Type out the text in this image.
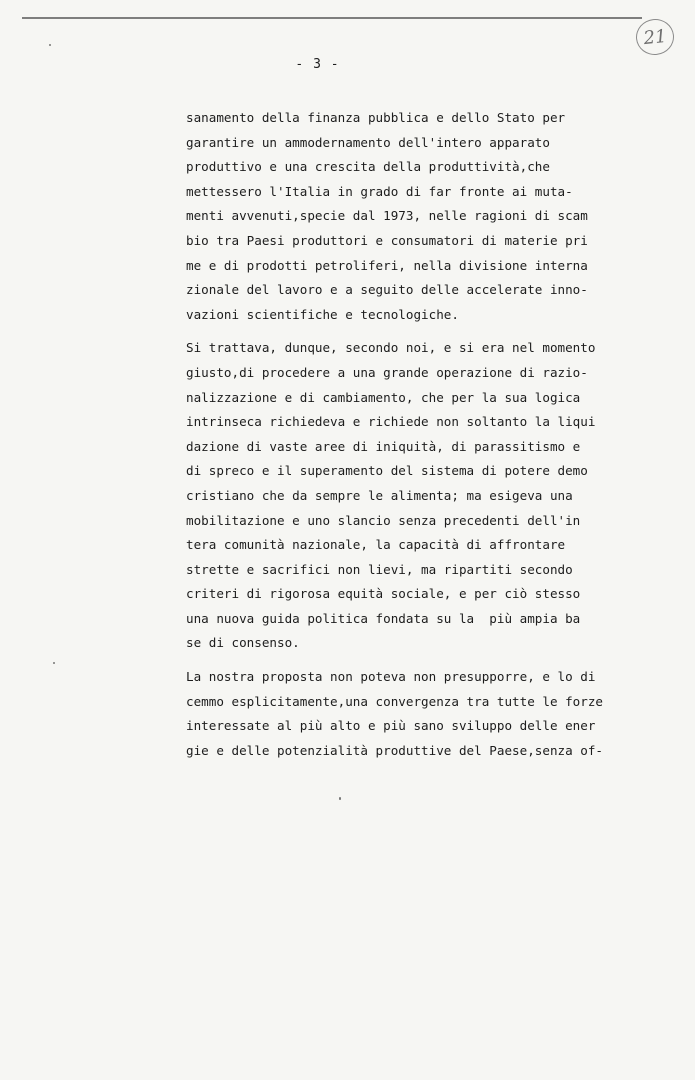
21
- 3 -
sanamento della finanza pubblica e dello Stato per
garantire un ammodernamento dell'intero apparato
produttivo e una crescita della produttività,che
mettessero l'Italia in grado di far fronte ai muta-
menti avvenuti,specie dal 1973, nelle ragioni di scam
bio tra Paesi produttori e consumatori di materie pri
me e di prodotti petroliferi, nella divisione interna
zionale del lavoro e a seguito delle accelerate inno-
vazioni scientifiche e tecnologiche.
Si trattava, dunque, secondo noi, e si era nel momento
giusto,di procedere a una grande operazione di razio-
nalizzazione e di cambiamento, che per la sua logica
intrinseca richiedeva e richiede non soltanto la liqui
dazione di vaste aree di iniquità, di parassitismo e
di spreco e il superamento del sistema di potere demo
cristiano che da sempre le alimenta; ma esigeva una
mobilitazione e uno slancio senza precedenti dell'in
tera comunità nazionale, la capacità di affrontare
strette e sacrifici non lievi, ma ripartiti secondo
criteri di rigorosa equità sociale, e per ciò stesso
una nuova guida politica fondata su la  più ampia ba
se di consenso.
La nostra proposta non poteva non presupporre, e lo di
cemmo esplicitamente,una convergenza tra tutte le forze
interessate al più alto e più sano sviluppo delle ener
gie e delle potenzialità produttive del Paese,senza of-
